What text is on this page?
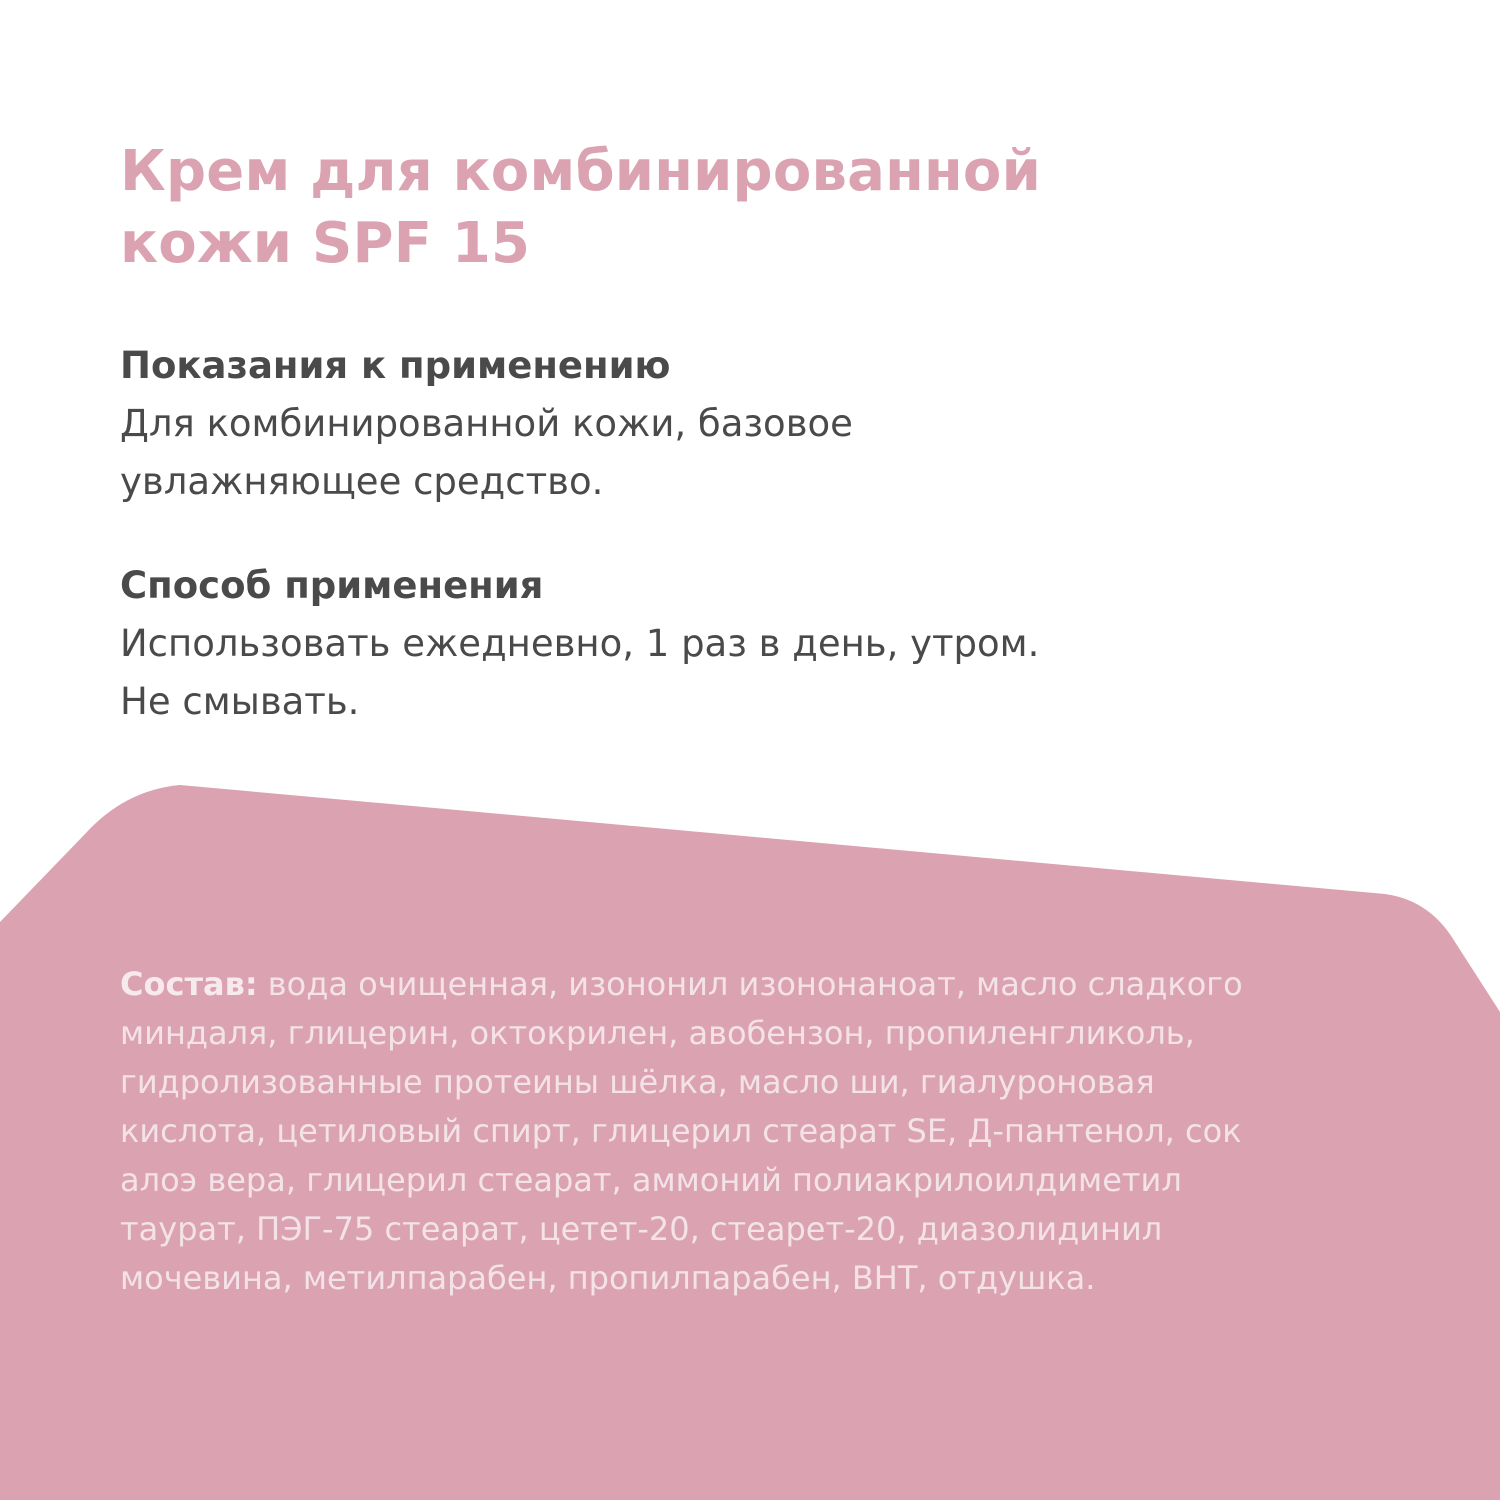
Крем для комбинированной
кожи SPF 15

Показания к применению

Для комбинированной кожи, базовое

увлажняющее средство.

Способ применения

Использовать ежедневно, 1 раз в день, утром.

Не смывать.

Состав: вода очищенная, изононил изононаноат, масло сладкого
миндаля, глицерин, октокрилен, авобензон, пропиленгликоль,
гидролизованные протеины шёлка, масло ши, гиалуроновая
кислота, цетиловый спирт, глицерил стеарат SE, Д-пантенол, сок
алоэ вера, глицерил стеарат, аммоний полиакрилоилдиметил
таурат, ПЭГ-75 стеарат, цетет-20, стеарет-20, диазолидинил
мочевина, метилпарабен, пропилпарабен, BHT, отдушка.
